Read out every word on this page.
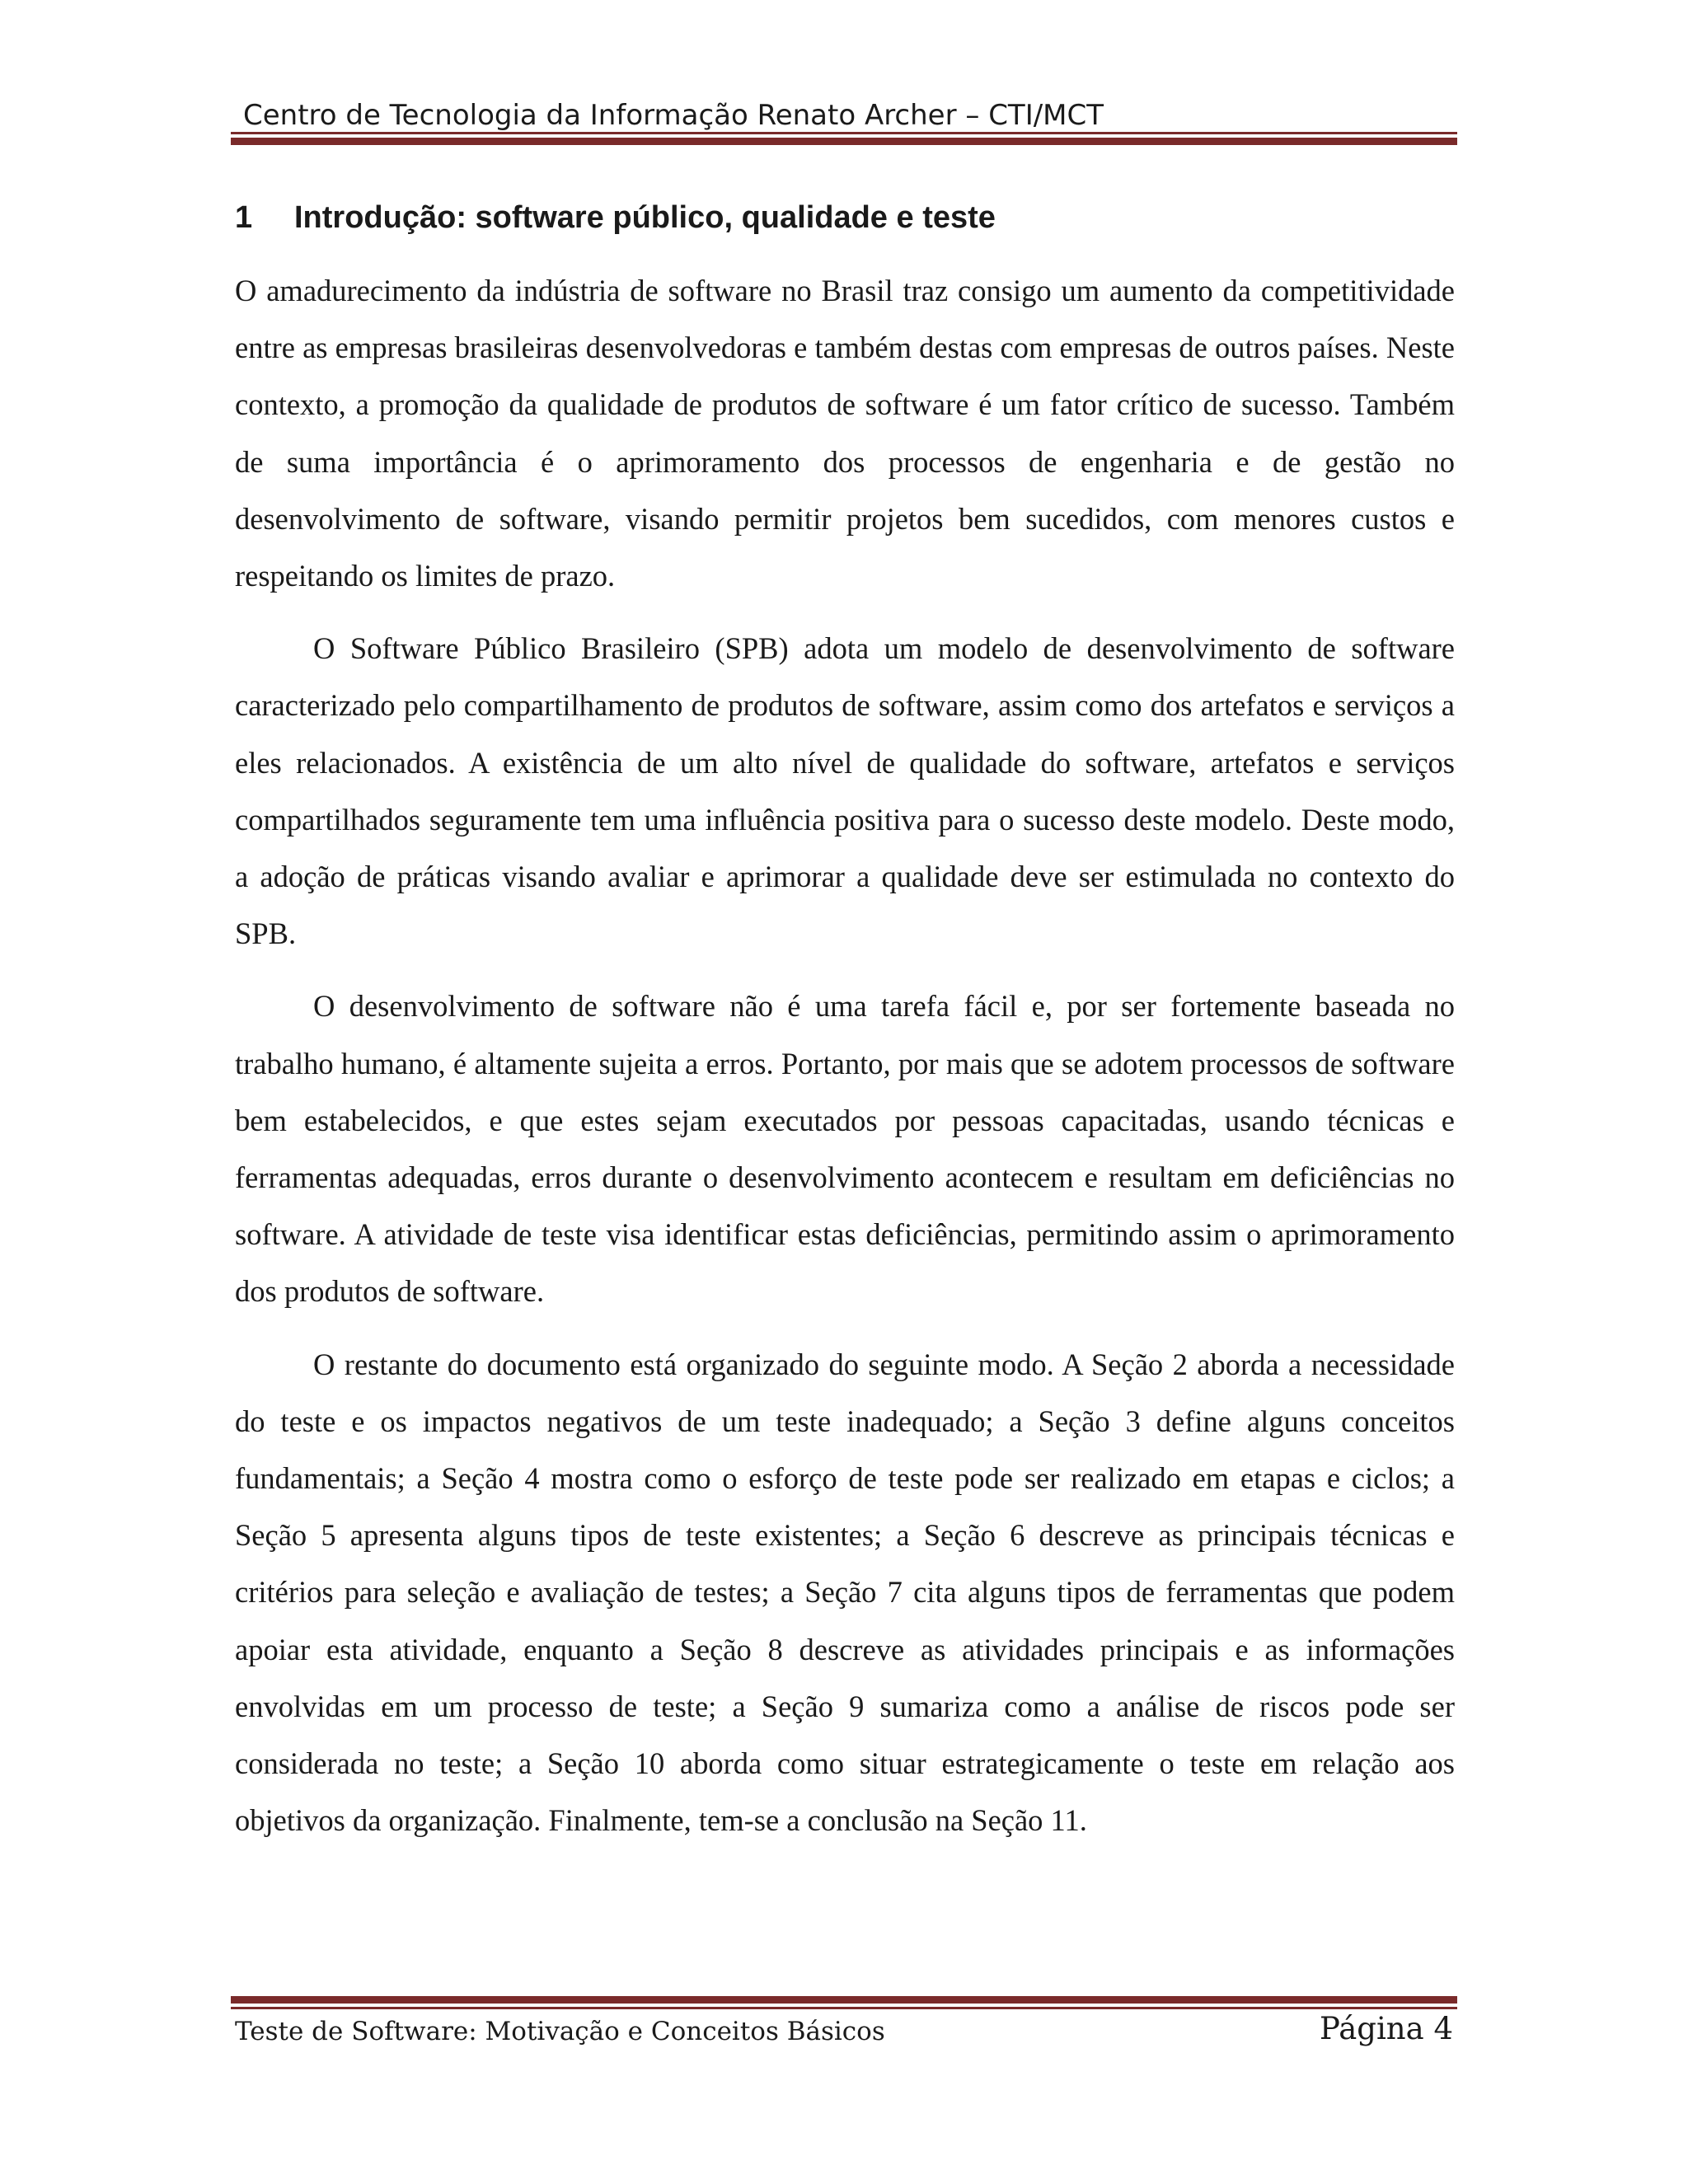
Centro de Tecnologia da Informação Renato Archer – CTI/MCT
1 Introdução: software público, qualidade e teste

O amadurecimento da indústria de software no Brasil traz consigo um aumento da competitividade entre as empresas brasileiras desenvolvedoras e também destas com empresas de outros países. Neste contexto, a promoção da qualidade de produtos de software é um fator crítico de sucesso. Também de suma importância é o aprimoramento dos processos de engenharia e de gestão no desenvolvimento de software, visando permitir projetos bem sucedidos, com menores custos e respeitando os limites de prazo.

O Software Público Brasileiro (SPB) adota um modelo de desenvolvimento de software caracterizado pelo compartilhamento de produtos de software, assim como dos artefatos e serviços a eles relacionados. A existência de um alto nível de qualidade do software, artefatos e serviços compartilhados seguramente tem uma influência positiva para o sucesso deste modelo. Deste modo, a adoção de práticas visando avaliar e aprimorar a qualidade deve ser estimulada no contexto do SPB.

O desenvolvimento de software não é uma tarefa fácil e, por ser fortemente baseada no trabalho humano, é altamente sujeita a erros. Portanto, por mais que se adotem processos de software bem estabelecidos, e que estes sejam executados por pessoas capacitadas, usando técnicas e ferramentas adequadas, erros durante o desenvolvimento acontecem e resultam em deficiências no software. A atividade de teste visa identificar estas deficiências, permitindo assim o aprimoramento dos produtos de software.

O restante do documento está organizado do seguinte modo. A Seção 2 aborda a necessidade do teste e os impactos negativos de um teste inadequado; a Seção 3 define alguns conceitos fundamentais; a Seção 4 mostra como o esforço de teste pode ser realizado em etapas e ciclos; a Seção 5 apresenta alguns tipos de teste existentes; a Seção 6 descreve as principais técnicas e critérios para seleção e avaliação de testes; a Seção 7 cita alguns tipos de ferramentas que podem apoiar esta atividade, enquanto a Seção 8 descreve as atividades principais e as informações envolvidas em um processo de teste; a Seção 9 sumariza como a análise de riscos pode ser considerada no teste; a Seção 10 aborda como situar estrategicamente o teste em relação aos objetivos da organização. Finalmente, tem-se a conclusão na Seção 11.

Teste de Software: Motivação e Conceitos Básicos	Página 4
